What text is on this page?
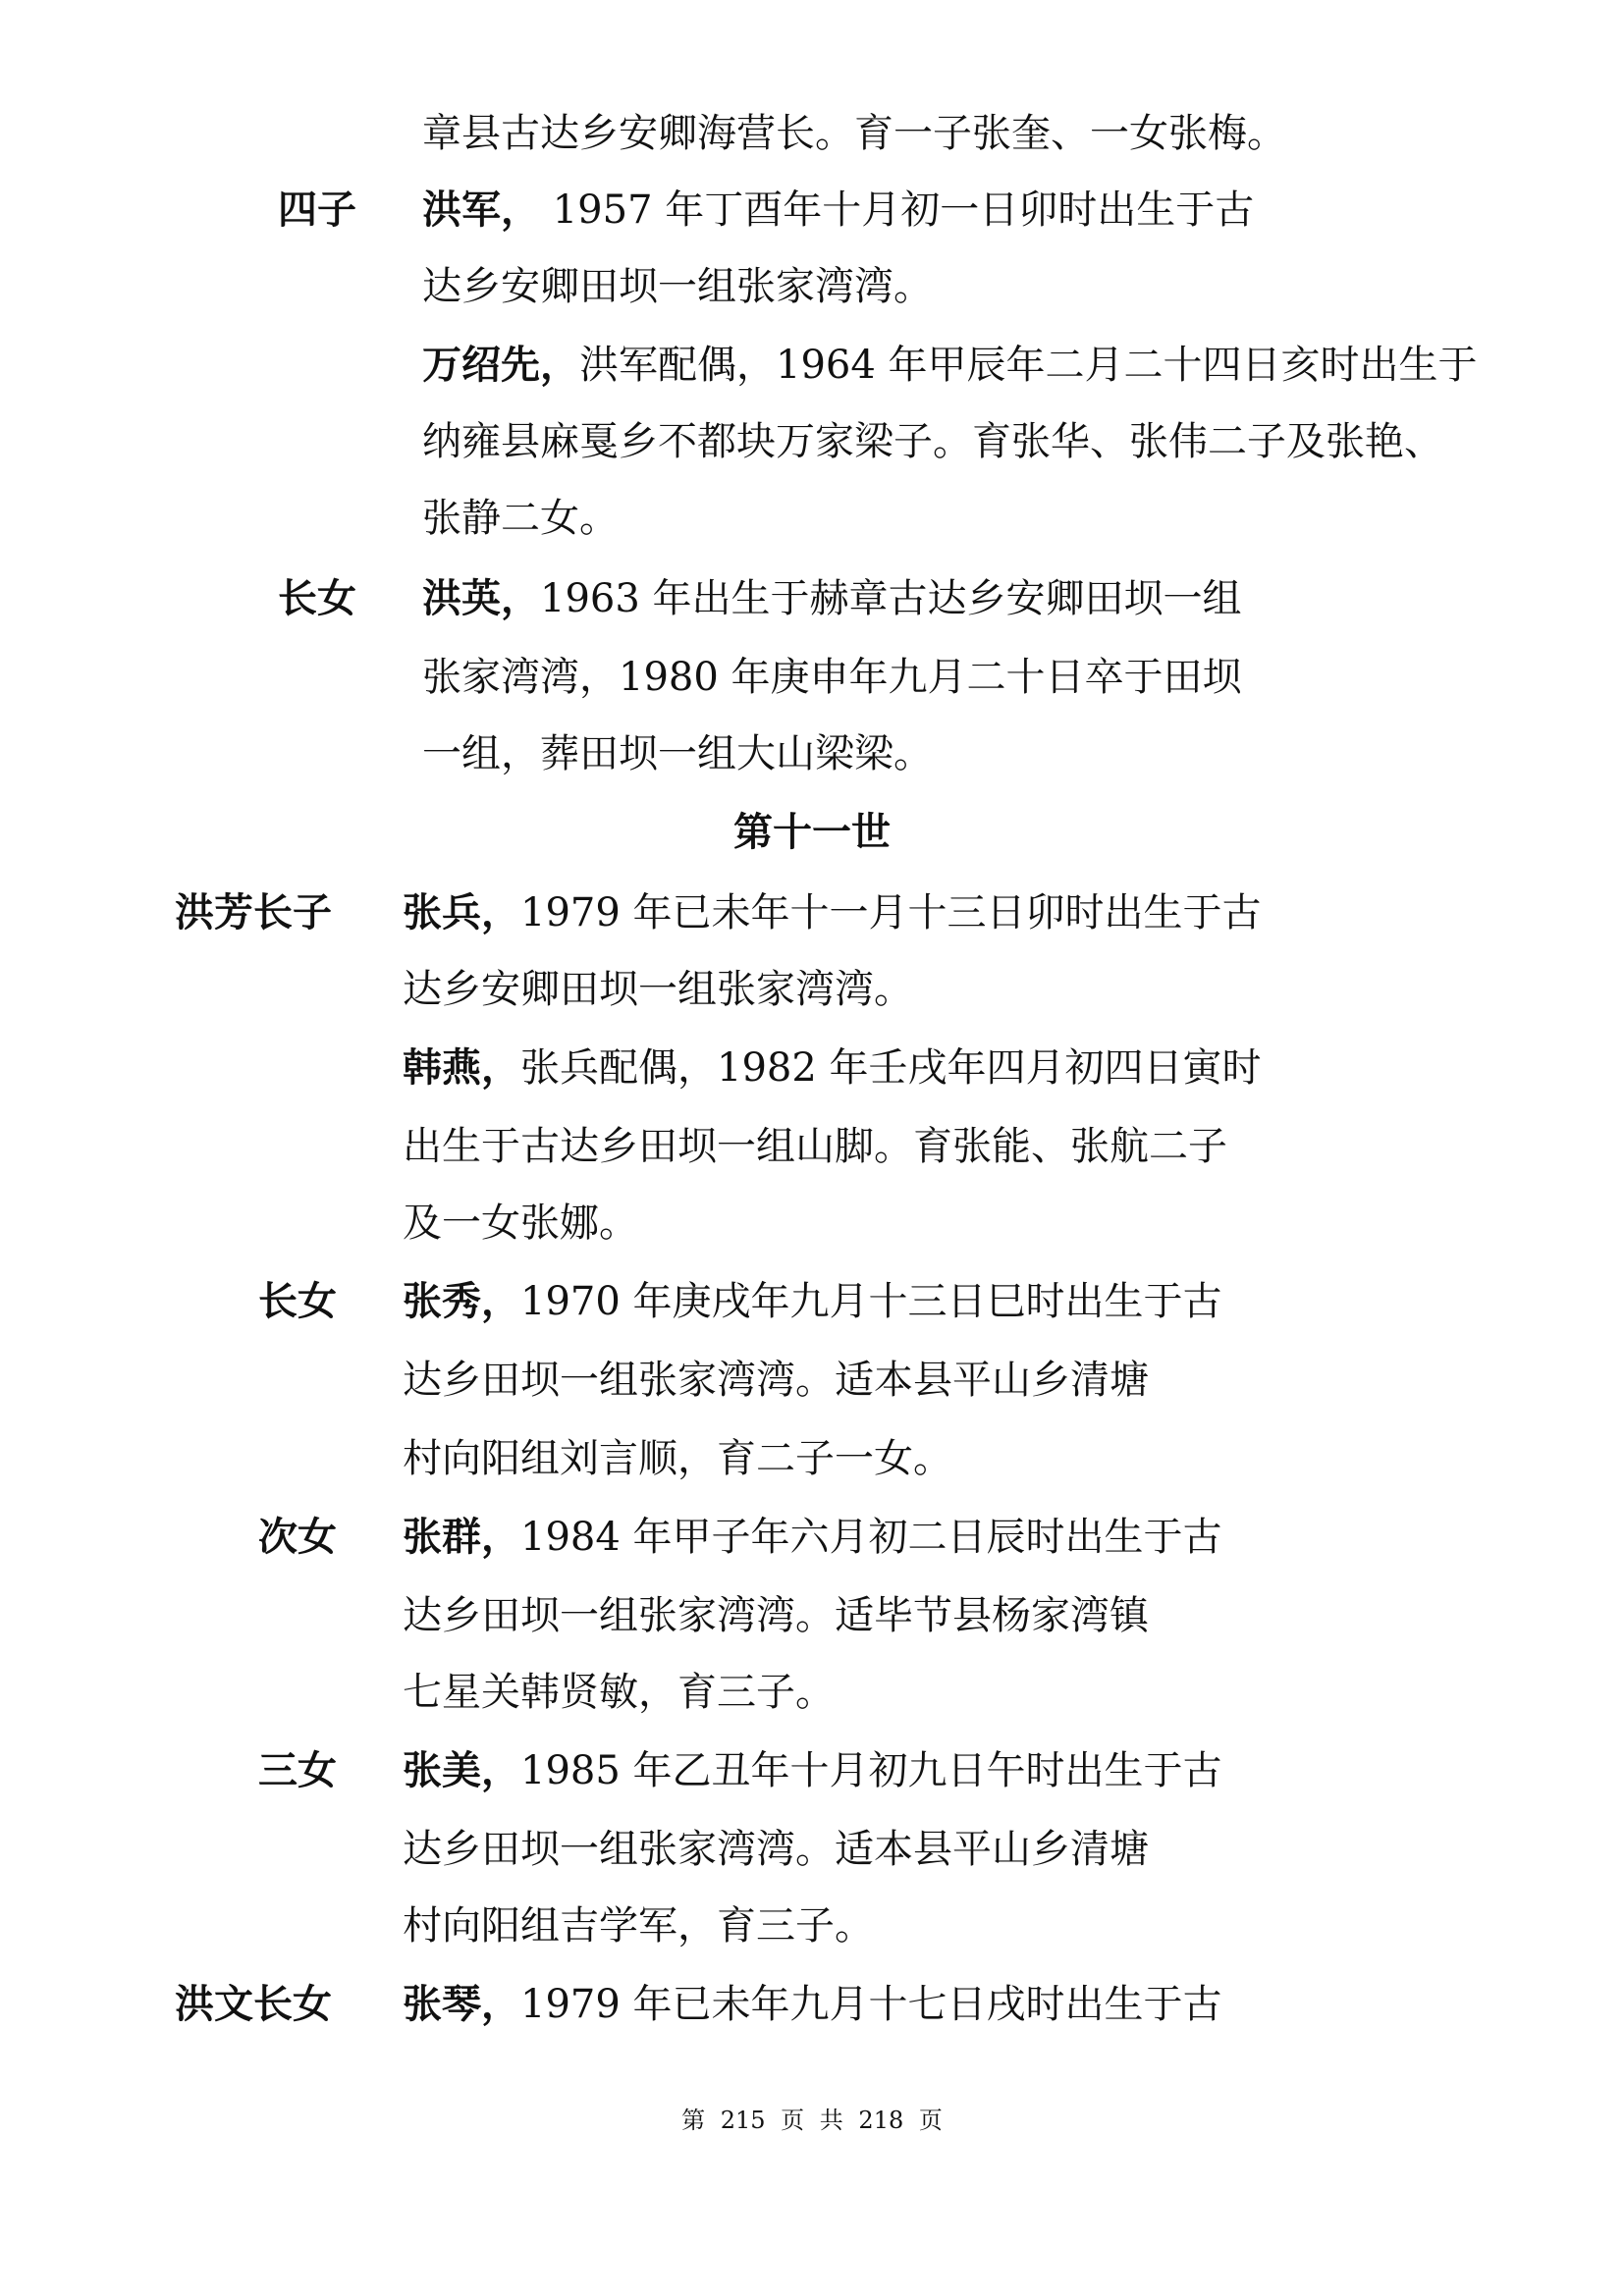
章县古达乡安卿海营长。育一子张奎、一女张梅。
四子 洪军， 1957 年丁酉年十月初一日卯时出生于古
达乡安卿田坝一组张家湾湾。
万绍先，洪军配偶，1964 年甲辰年二月二十四日亥时出生于
纳雍县麻戛乡不都块万家梁子。育张华、张伟二子及张艳、
张静二女。
长女 洪英，1963 年出生于赫章古达乡安卿田坝一组
张家湾湾，1980 年庚申年九月二十日卒于田坝
一组，葬田坝一组大山梁梁。
第十一世
洪芳长子 张兵，1979 年已未年十一月十三日卯时出生于古
达乡安卿田坝一组张家湾湾。
韩燕，张兵配偶，1982 年壬戌年四月初四日寅时
出生于古达乡田坝一组山脚。育张能、张航二子
及一女张娜。
长女 张秀，1970 年庚戌年九月十三日巳时出生于古
达乡田坝一组张家湾湾。适本县平山乡清塘
村向阳组刘言顺，育二子一女。
次女 张群，1984 年甲子年六月初二日辰时出生于古
达乡田坝一组张家湾湾。适毕节县杨家湾镇
七星关韩贤敏，育三子。
三女 张美，1985 年乙丑年十月初九日午时出生于古
达乡田坝一组张家湾湾。适本县平山乡清塘
村向阳组吉学军，育三子。
洪文长女 张琴，1979 年已未年九月十七日戌时出生于古
第 215 页 共 218 页
